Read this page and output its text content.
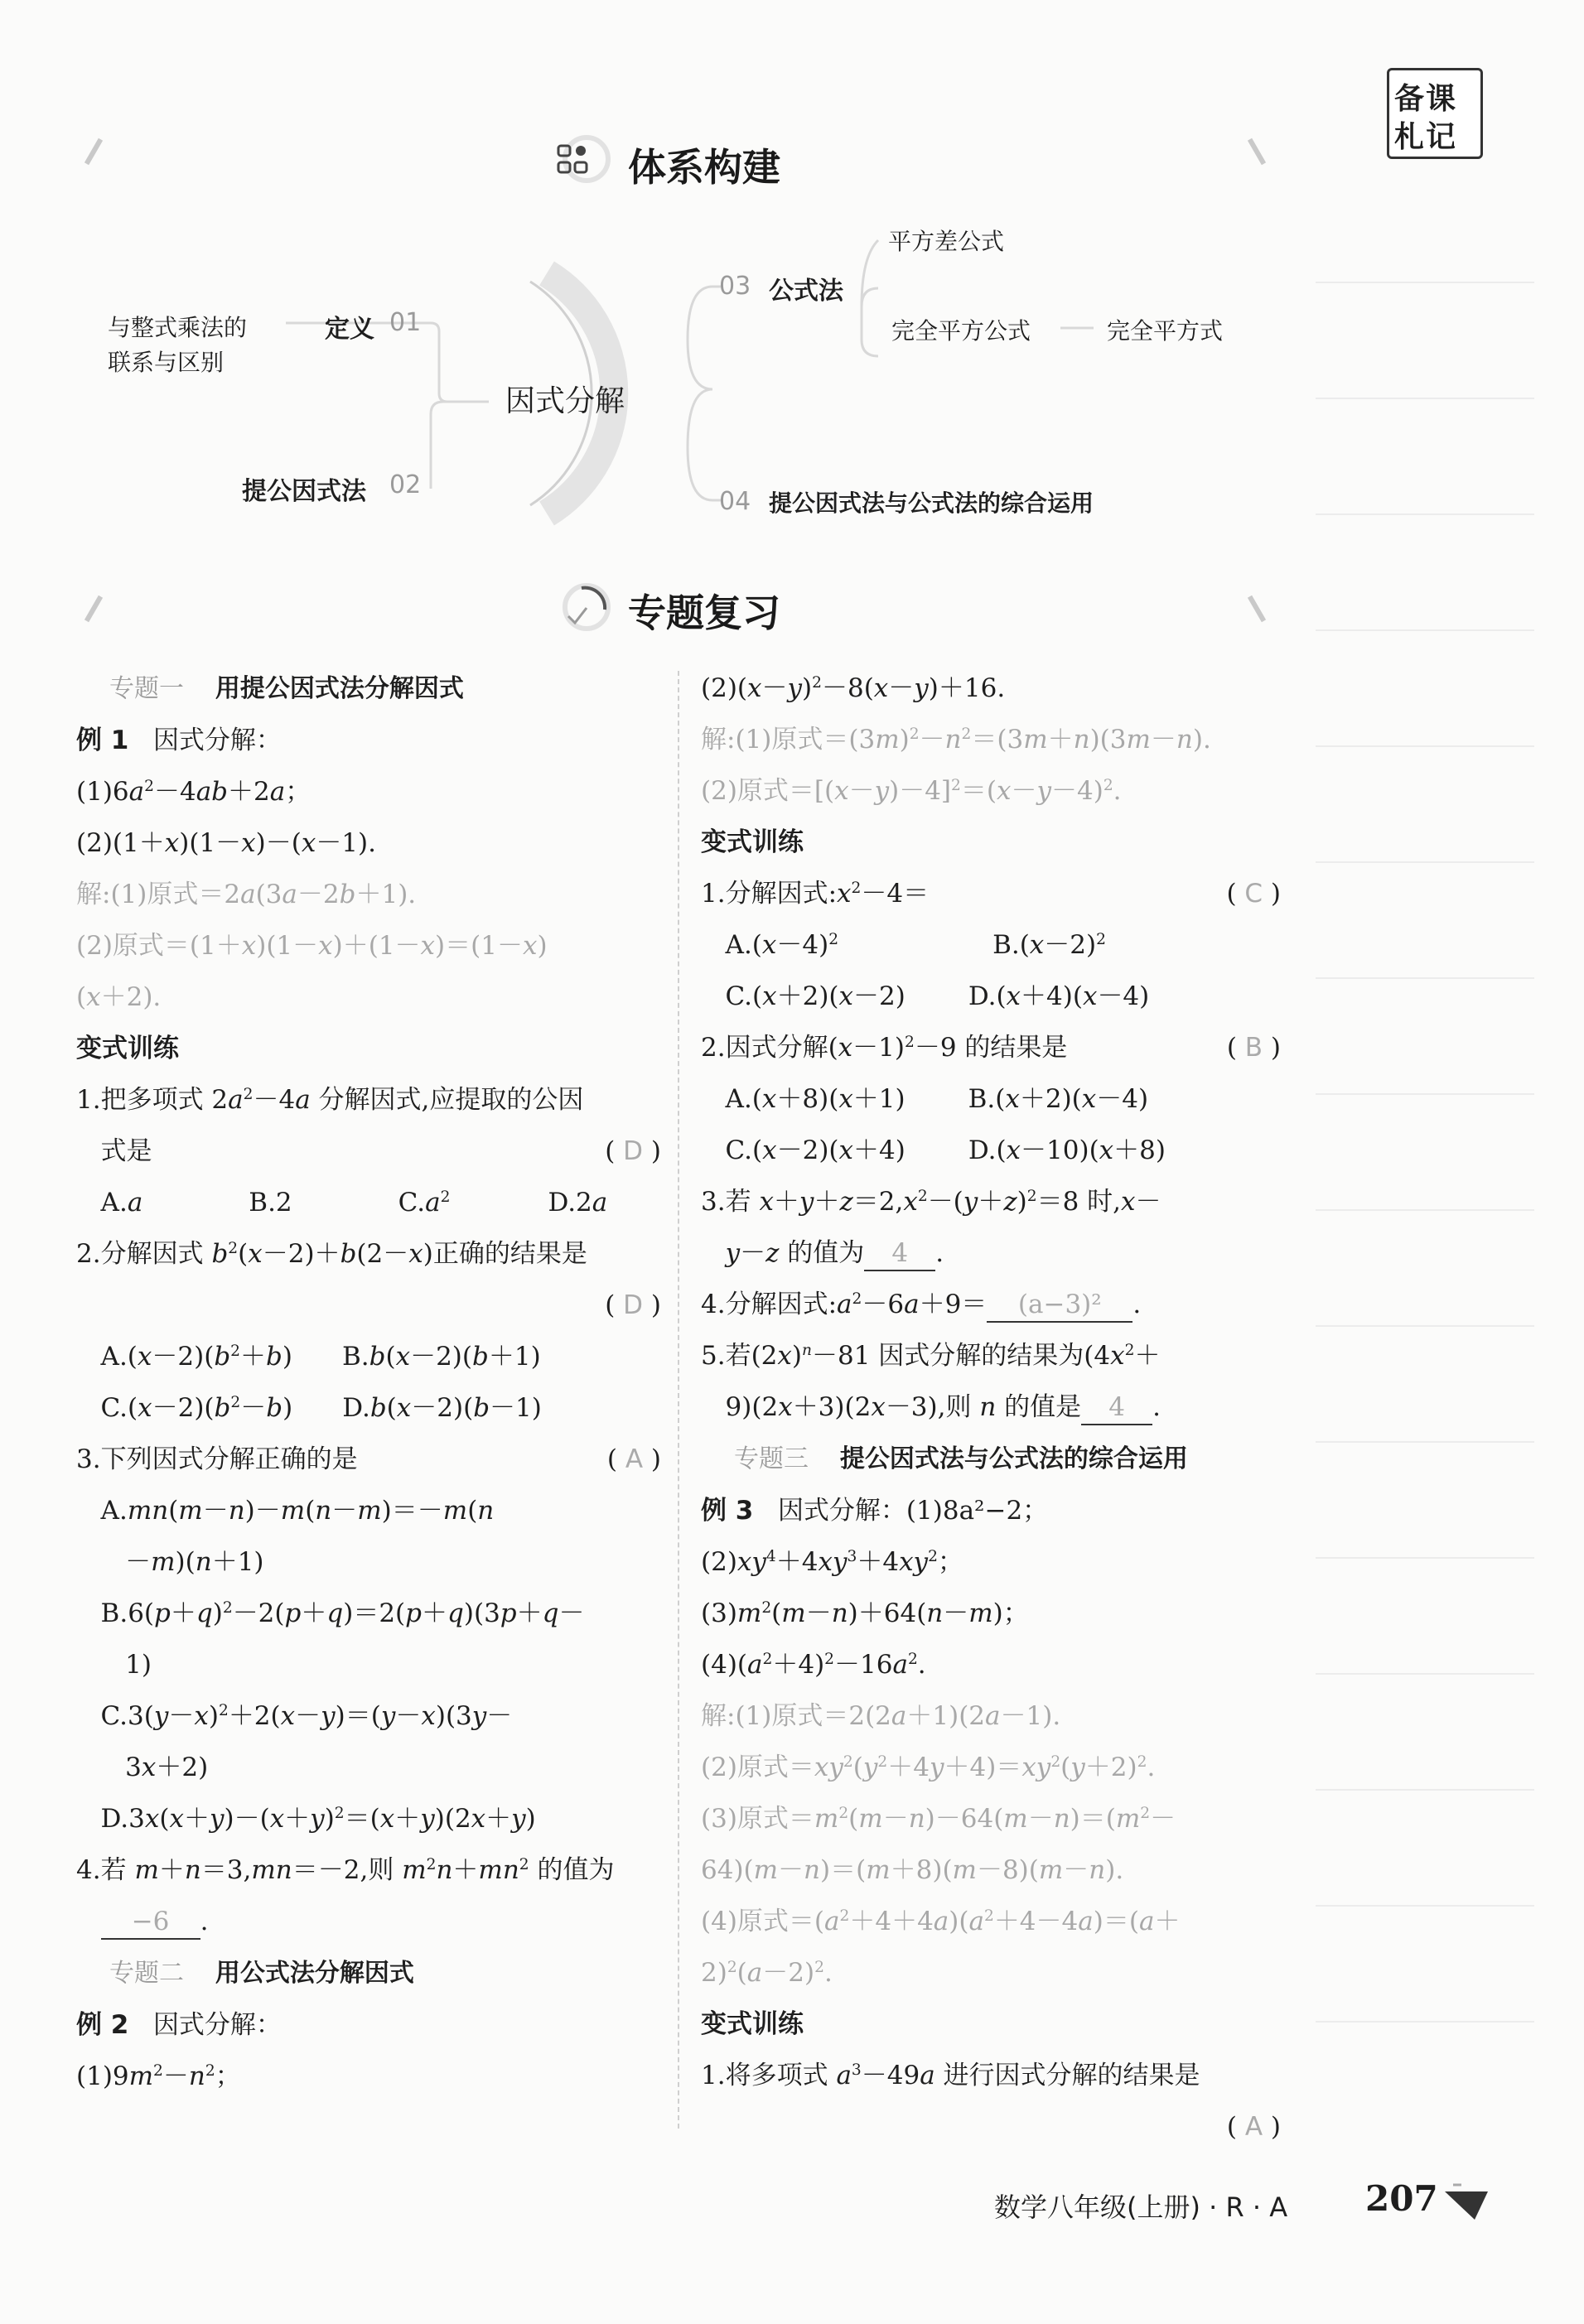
备课
札记
体系构建
因式分解
与整式乘法的
联系与区别
定义 01
提公因式法 02
03 公式法
平方差公式
完全平方公式	完全平方式
04 提公因式法与公式法的综合运用
专题复习
专题一 用提公因式法分解因式
例 1 因式分解：
$(1)6a^2-4ab+2a$；
(2)(1＋x)(1－x)－(x－1).
解:(1)原式＝2a(3a－2b＋1).
(2)原式＝(1＋x)(1－x)＋(1－x)＝(1－x)
(x＋2).
变式训练
1.把多项式 $2a^2-4a$ 分解因式,应提取的公因
式是	( D )
A.a	B.2	$C.a^2$	D.2a
2.分解因式 $b^2(x-2)+b(2-x)$正确的结果是

( D )
$A.(x-2)(b^2+b)$ B.b(x－2)(b＋1)
$C.(x-2)(b^2-b)$ D.b(x－2)(b－1)
3.下列因式分解正确的是	( A )
A.mn(m－n)－m(n－m)＝－m(n
－m)(n＋1)
$B.6(p+q)^2-2(p+q)=2(p+q)(3p+q-$
1)
$C.3(y-x)^2+2(x-y)=(y-x)(3y-$
3x＋2)
$D.3x(x+y)-(x+y)^2=(x+y)(2x+y)$
4.若 m＋n＝3,mn＝－2,则 $m^2n+mn^2$ 的值为
−6 .
专题二 用公式法分解因式
例 2 因式分解：
$(1)9m^2-n^2$；
$(2)(x-y)^2-8(x-y)+16$.
解:(1)原式$=(3m)^2-n^2=(3m+n)(3m-n)$.
(2)原式$=[(x-y)-4]^2=(x-y-4)^2$.
变式训练
1.分解因式$:x^2-4=$	( C )
$A.(x-4)^2$	$B.(x-2)^2$
C.(x＋2)(x－2) D.(x＋4)(x－4)
2.因式分解$(x-1)^2-9$ 的结果是	( B )
A.(x＋8)(x＋1) B.(x＋2)(x－4)
C.(x－2)(x＋4) D.(x－10)(x＋8)
3.若 $x+y+z=2,x^2-(y+z)^2=8$ 时,x－
y－z 的值为 4 .
4.分解因式$:a^2-6a+9= (a-3)^2$ .
5.若$(2x)^n-81$ 因式分解的结果为($4x^2+$
9)(2x＋3)(2x－3),则 n 的值是 4 .
专题三 提公因式法与公式法的综合运用
例 3 因式分解：(1)8a²−2；
$(2)xy^4+4xy^3+4xy^2$；
$(3)m^2(m-n)+64(n-m)$；
$(4)(a^2+4)^2-16a^2$.
解:(1)原式＝2(2a＋1)(2a－1).
(2)原式$=xy^2(y^2+4y+4)=xy^2(y+2)^2$.
(3)原式$=m^2(m-n)-64(m-n)=(m^2-$
64)(m－n)＝(m＋8)(m－8)(m－n).
(4)原式$=(a^2+4+4a)(a^2+4-4a)=(a+$
$2)^2(a-2)^2$.
变式训练
1.将多项式 $a^3-49a$ 进行因式分解的结果是

( A )
数学八年级(上册) · R · A 207
